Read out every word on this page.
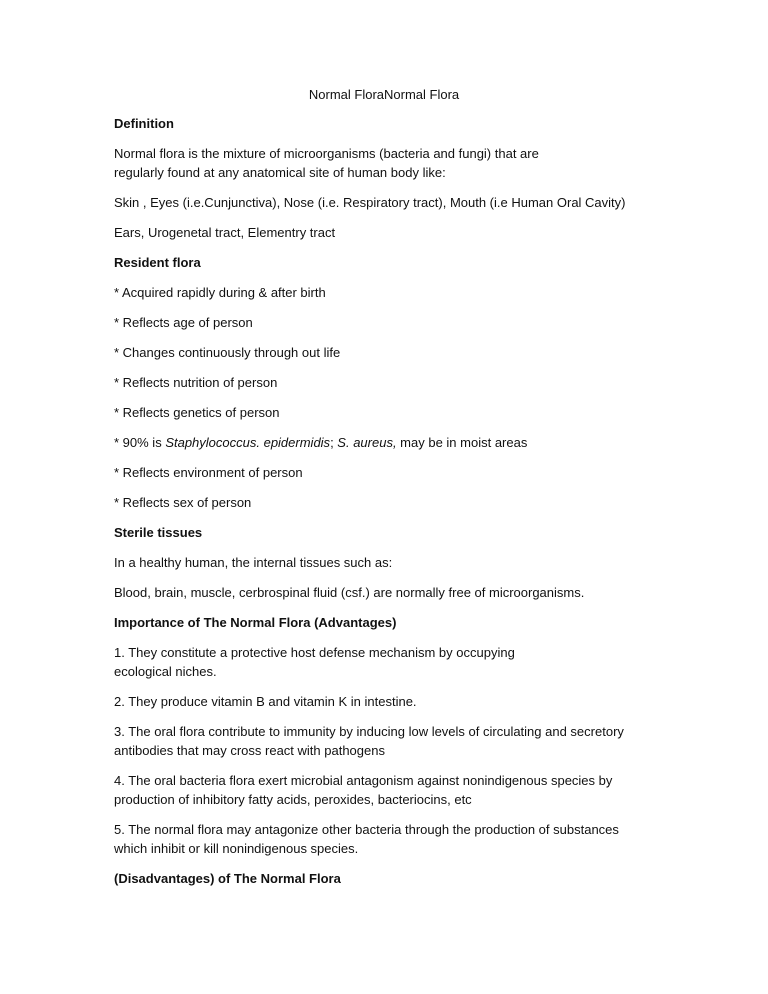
Normal FloraNormal Flora
Definition
Normal flora is the mixture of microorganisms (bacteria and fungi) that are
regularly found at any anatomical site of human body like:
Skin , Eyes (i.e.Cunjunctiva), Nose (i.e. Respiratory tract), Mouth (i.e Human Oral Cavity)
Ears, Urogenetal tract, Elementry tract
Resident flora
* Acquired rapidly during & after birth
* Reflects age of person
* Changes continuously through out life
* Reflects nutrition of person
* Reflects genetics of person
* 90% is Staphylococcus. epidermidis; S. aureus, may be in moist areas
* Reflects environment of person
* Reflects sex of person
Sterile tissues
In a healthy human, the internal tissues such as:
Blood, brain, muscle, cerbrospinal fluid (csf.) are normally free of microorganisms.
Importance of The Normal Flora (Advantages)
1. They constitute a protective host defense mechanism by occupying
ecological niches.
2. They produce vitamin B and vitamin K in intestine.
3. The oral flora contribute to immunity by inducing low levels of circulating and secretory
antibodies that may cross react with pathogens
4. The oral bacteria flora exert microbial antagonism against nonindigenous species by
production of inhibitory fatty acids, peroxides, bacteriocins, etc
5. The normal flora may antagonize other bacteria through the production of substances
which inhibit or kill nonindigenous species.
(Disadvantages) of The Normal Flora
